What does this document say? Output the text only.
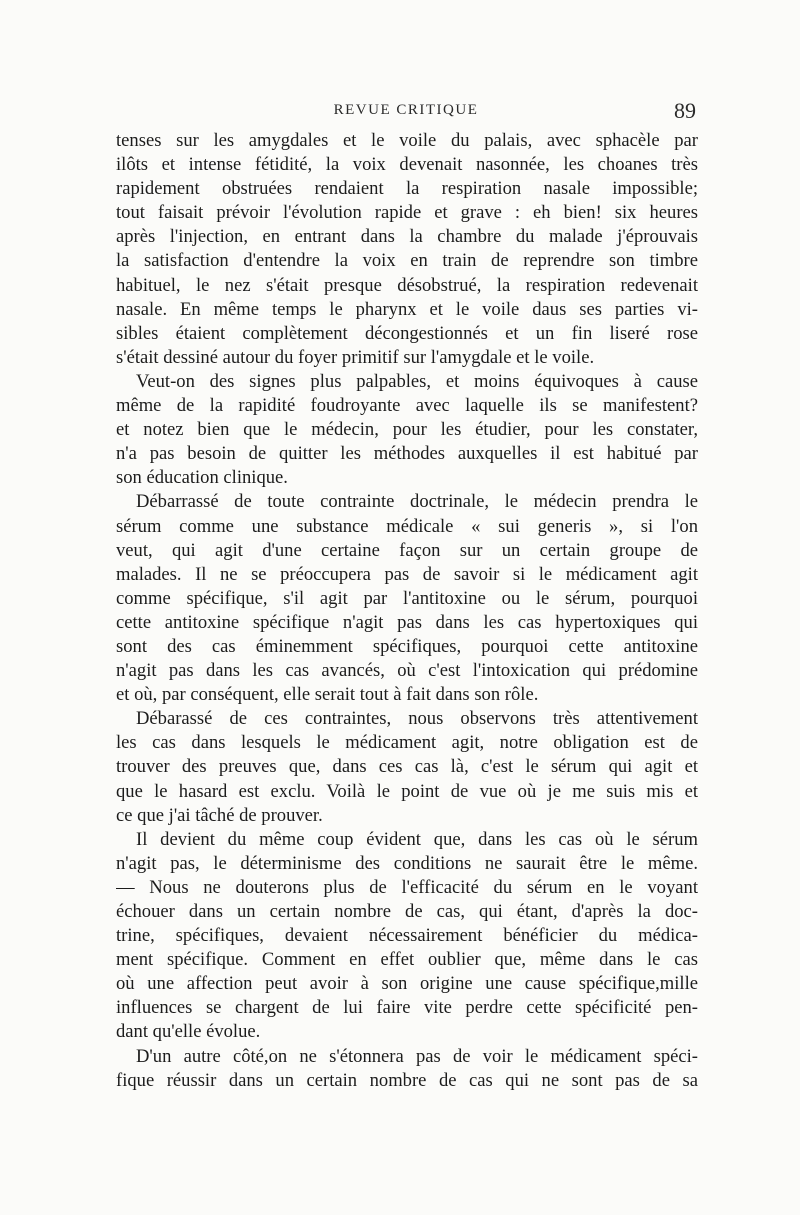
REVUE CRITIQUE	89
tenses sur les amygdales et le voile du palais, avec sphacèle par
ilôts et intense fétidité, la voix devenait nasonnée, les choanes très
rapidement obstruées rendaient la respiration nasale impossible;
tout faisait prévoir l'évolution rapide et grave : eh bien! six heures
après l'injection, en entrant dans la chambre du malade j'éprouvais
la satisfaction d'entendre la voix en train de reprendre son timbre
habituel, le nez s'était presque désobstrué, la respiration redevenait
nasale. En même temps le pharynx et le voile daus ses parties vi-
sibles étaient complètement décongestionnés et un fin liseré rose
s'était dessiné autour du foyer primitif sur l'amygdale et le voile.
Veut-on des signes plus palpables, et moins équivoques à cause
même de la rapidité foudroyante avec laquelle ils se manifestent?
et notez bien que le médecin, pour les étudier, pour les constater,
n'a pas besoin de quitter les méthodes auxquelles il est habitué par
son éducation clinique.
Débarrassé de toute contrainte doctrinale, le médecin prendra le
sérum comme une substance médicale « sui generis », si l'on
veut, qui agit d'une certaine façon sur un certain groupe de
malades. Il ne se préoccupera pas de savoir si le médicament agit
comme spécifique, s'il agit par l'antitoxine ou le sérum, pourquoi
cette antitoxine spécifique n'agit pas dans les cas hypertoxiques qui
sont des cas éminemment spécifiques, pourquoi cette antitoxine
n'agit pas dans les cas avancés, où c'est l'intoxication qui prédomine
et où, par conséquent, elle serait tout à fait dans son rôle.
Débarassé de ces contraintes, nous observons très attentivement
les cas dans lesquels le médicament agit, notre obligation est de
trouver des preuves que, dans ces cas là, c'est le sérum qui agit et
que le hasard est exclu. Voilà le point de vue où je me suis mis et
ce que j'ai tâché de prouver.
Il devient du même coup évident que, dans les cas où le sérum
n'agit pas, le déterminisme des conditions ne saurait être le même.
— Nous ne douterons plus de l'efficacité du sérum en le voyant
échouer dans un certain nombre de cas, qui étant, d'après la doc-
trine, spécifiques, devaient nécessairement bénéficier du médica-
ment spécifique. Comment en effet oublier que, même dans le cas
où une affection peut avoir à son origine une cause spécifique,mille
influences se chargent de lui faire vite perdre cette spécificité pen-
dant qu'elle évolue.
D'un autre côté,on ne s'étonnera pas de voir le médicament spéci-
fique réussir dans un certain nombre de cas qui ne sont pas de sa
